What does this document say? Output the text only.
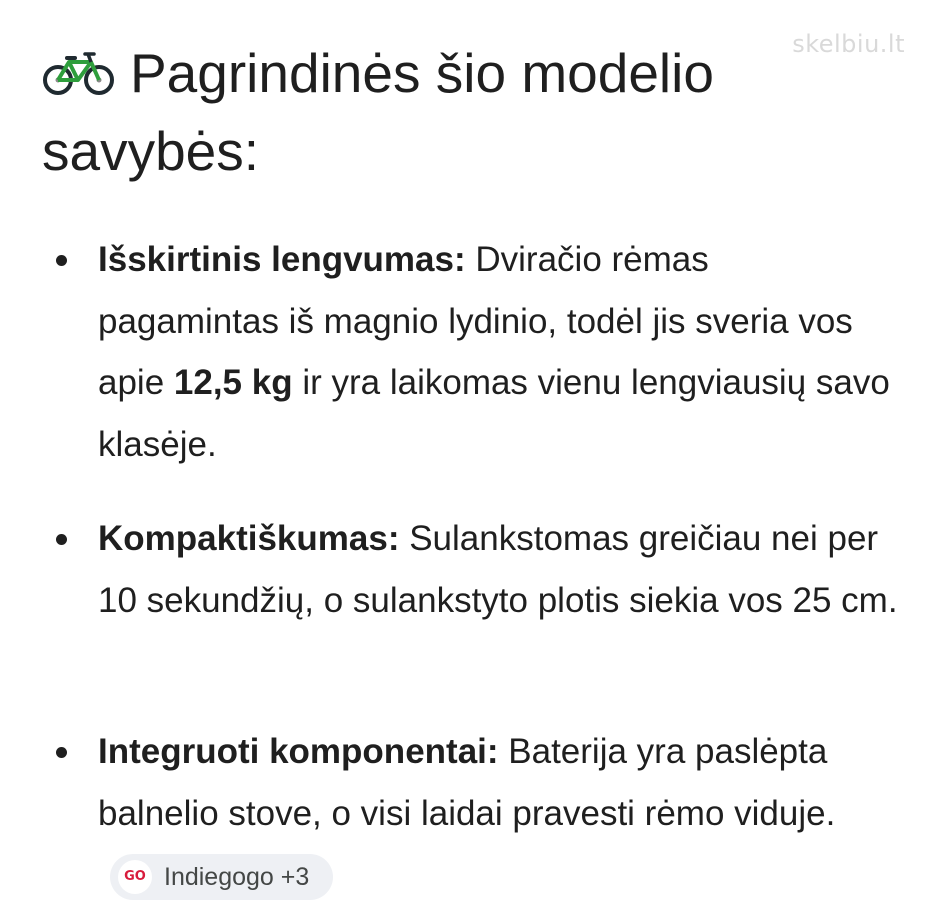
skelbiu.lt
Pagrindinės šio modelio savybės:
Išskirtinis lengvumas: Dviračio rėmas pagamintas iš magnio lydinio, todėl jis sveria vos apie 12,5 kg ir yra laikomas vienu lengviausių savo klasėje.
Kompaktiškumas: Sulankstomas greičiau nei per 10 sekundžių, o sulankstyto plotis siekia vos 25 cm.
Integruoti komponentai: Baterija yra paslėpta balnelio stove, o visi laidai pravesti rėmo viduje.
GO Indiegogo +3
